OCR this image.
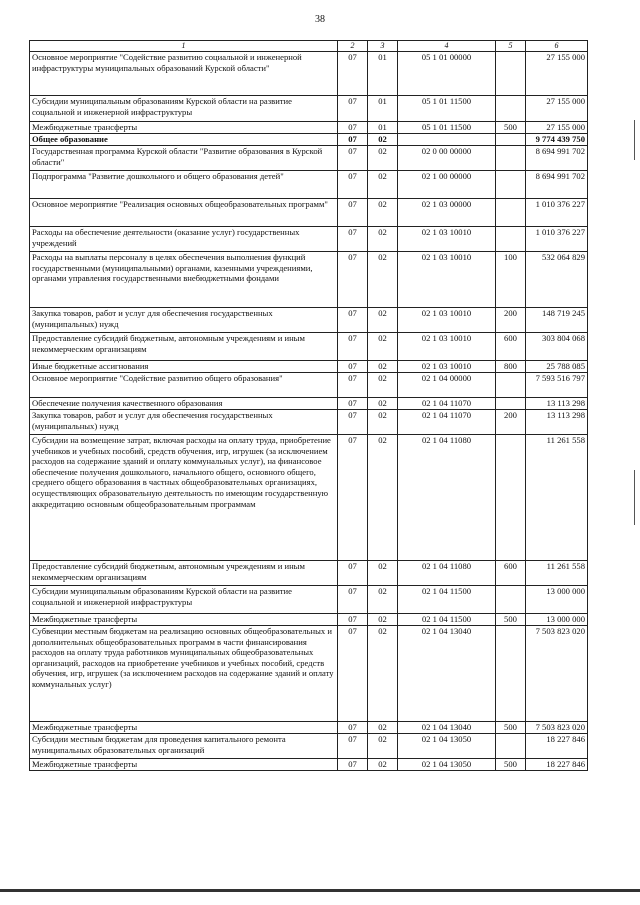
38
1	2	3	4	5	6
Основное мероприятие "Содействие развитию социальной и инженерной инфраструктуры муниципальных образований Курской области"	07	01	05 1 01 00000		27 155 000
Субсидии муниципальным образованиям Курской области на развитие социальной и инженерной инфраструктуры	07	01	05 1 01 11500		27 155 000
Межбюджетные трансферты	07	01	05 1 01 11500	500	27 155 000
Общее образование	07	02			9 774 439 750
Государственная программа Курской области "Развитие образования в Курской области"	07	02	02 0 00 00000		8 694 991 702
Подпрограмма "Развитие дошкольного и общего образования детей"	07	02	02 1 00 00000		8 694 991 702
Основное мероприятие "Реализация основных общеобразовательных программ"	07	02	02 1 03 00000		1 010 376 227
Расходы на обеспечение деятельности (оказание услуг) государственных учреждений	07	02	02 1 03 10010		1 010 376 227
Расходы на выплаты персоналу в целях обеспечения выполнения функций государственными (муниципальными) органами, казенными учреждениями, органами управления государственными внебюджетными фондами	07	02	02 1 03 10010	100	532 064 829
Закупка товаров, работ и услуг для обеспечения государственных (муниципальных) нужд	07	02	02 1 03 10010	200	148 719 245
Предоставление субсидий бюджетным, автономным учреждениям и иным некоммерческим организациям	07	02	02 1 03 10010	600	303 804 068
Иные бюджетные ассигнования	07	02	02 1 03 10010	800	25 788 085
Основное мероприятие "Содействие развитию общего образования"	07	02	02 1 04 00000		7 593 516 797
Обеспечение получения качественного образования	07	02	02 1 04 11070		13 113 298
Закупка товаров, работ и услуг для обеспечения государственных (муниципальных) нужд	07	02	02 1 04 11070	200	13 113 298
Субсидии на возмещение затрат, включая расходы на оплату труда, приобретение учебников и учебных пособий, средств обучения, игр, игрушек (за исключением расходов на содержание зданий и оплату коммунальных услуг), на финансовое обеспечение получения дошкольного, начального общего, основного общего, среднего общего образования в частных общеобразовательных организациях, осуществляющих образовательную деятельность по имеющим государственную аккредитацию основным общеобразовательным программам	07	02	02 1 04 11080		11 261 558
Предоставление субсидий бюджетным, автономным учреждениям и иным некоммерческим организациям	07	02	02 1 04 11080	600	11 261 558
Субсидии муниципальным образованиям Курской области на развитие социальной и инженерной инфраструктуры	07	02	02 1 04 11500		13 000 000
Межбюджетные трансферты	07	02	02 1 04 11500	500	13 000 000
Субвенции местным бюджетам на реализацию основных общеобразовательных и дополнительных общеобразовательных программ в части финансирования расходов на оплату труда работников муниципальных общеобразовательных организаций, расходов на приобретение учебников и учебных пособий, средств обучения, игр, игрушек (за исключением расходов на содержание зданий и оплату коммунальных услуг)	07	02	02 1 04 13040		7 503 823 020
Межбюджетные трансферты	07	02	02 1 04 13040	500	7 503 823 020
Субсидии местным бюджетам для проведения капитального ремонта муниципальных образовательных организаций	07	02	02 1 04 13050		18 227 846
Межбюджетные трансферты	07	02	02 1 04 13050	500	18 227 846
